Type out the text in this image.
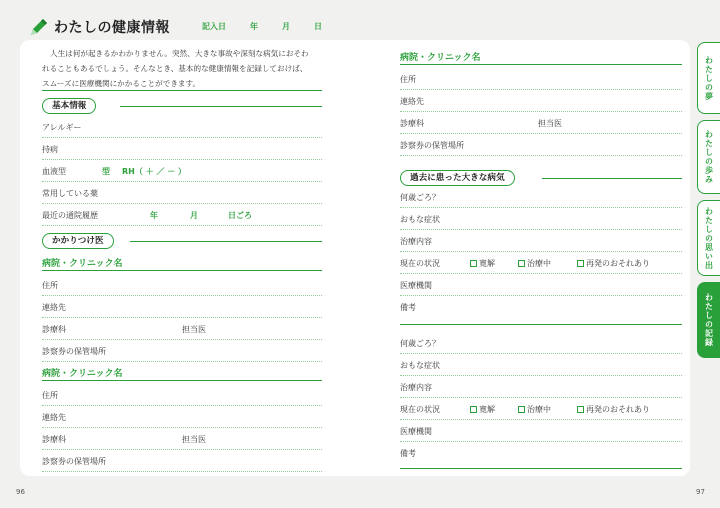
わたしの健康情報	記入日	年	月	日
人生は何が起きるかわかりません。突然、大きな事故や深刻な病気におそわ
れることもあるでしょう。そんなとき、基本的な健康情報を記録しておけば、
スムーズに医療機関にかかることができます。
基本情報
アレルギー
持病
血液型	型 RH（ ＋ ／ － ）
常用している薬
最近の通院履歴	年	月	日ごろ
かかりつけ医
病院・クリニック名
住所
連絡先
診療科	担当医
診察券の保管場所
病院・クリニック名
住所
連絡先
診療科	担当医
診察券の保管場所
病院・クリニック名
住所
連絡先
診療科	担当医
診察券の保管場所
過去に患った大きな病気
何歳ごろ？
おもな症状
治療内容
現在の状況	寛解	治療中	再発のおそれあり
医療機関
備考
何歳ごろ？
おもな症状
治療内容
現在の状況	寛解	治療中	再発のおそれあり
医療機関
備考
わたしの夢
わたしの歩み
わたしの思い出
わたしの記録
96	97
